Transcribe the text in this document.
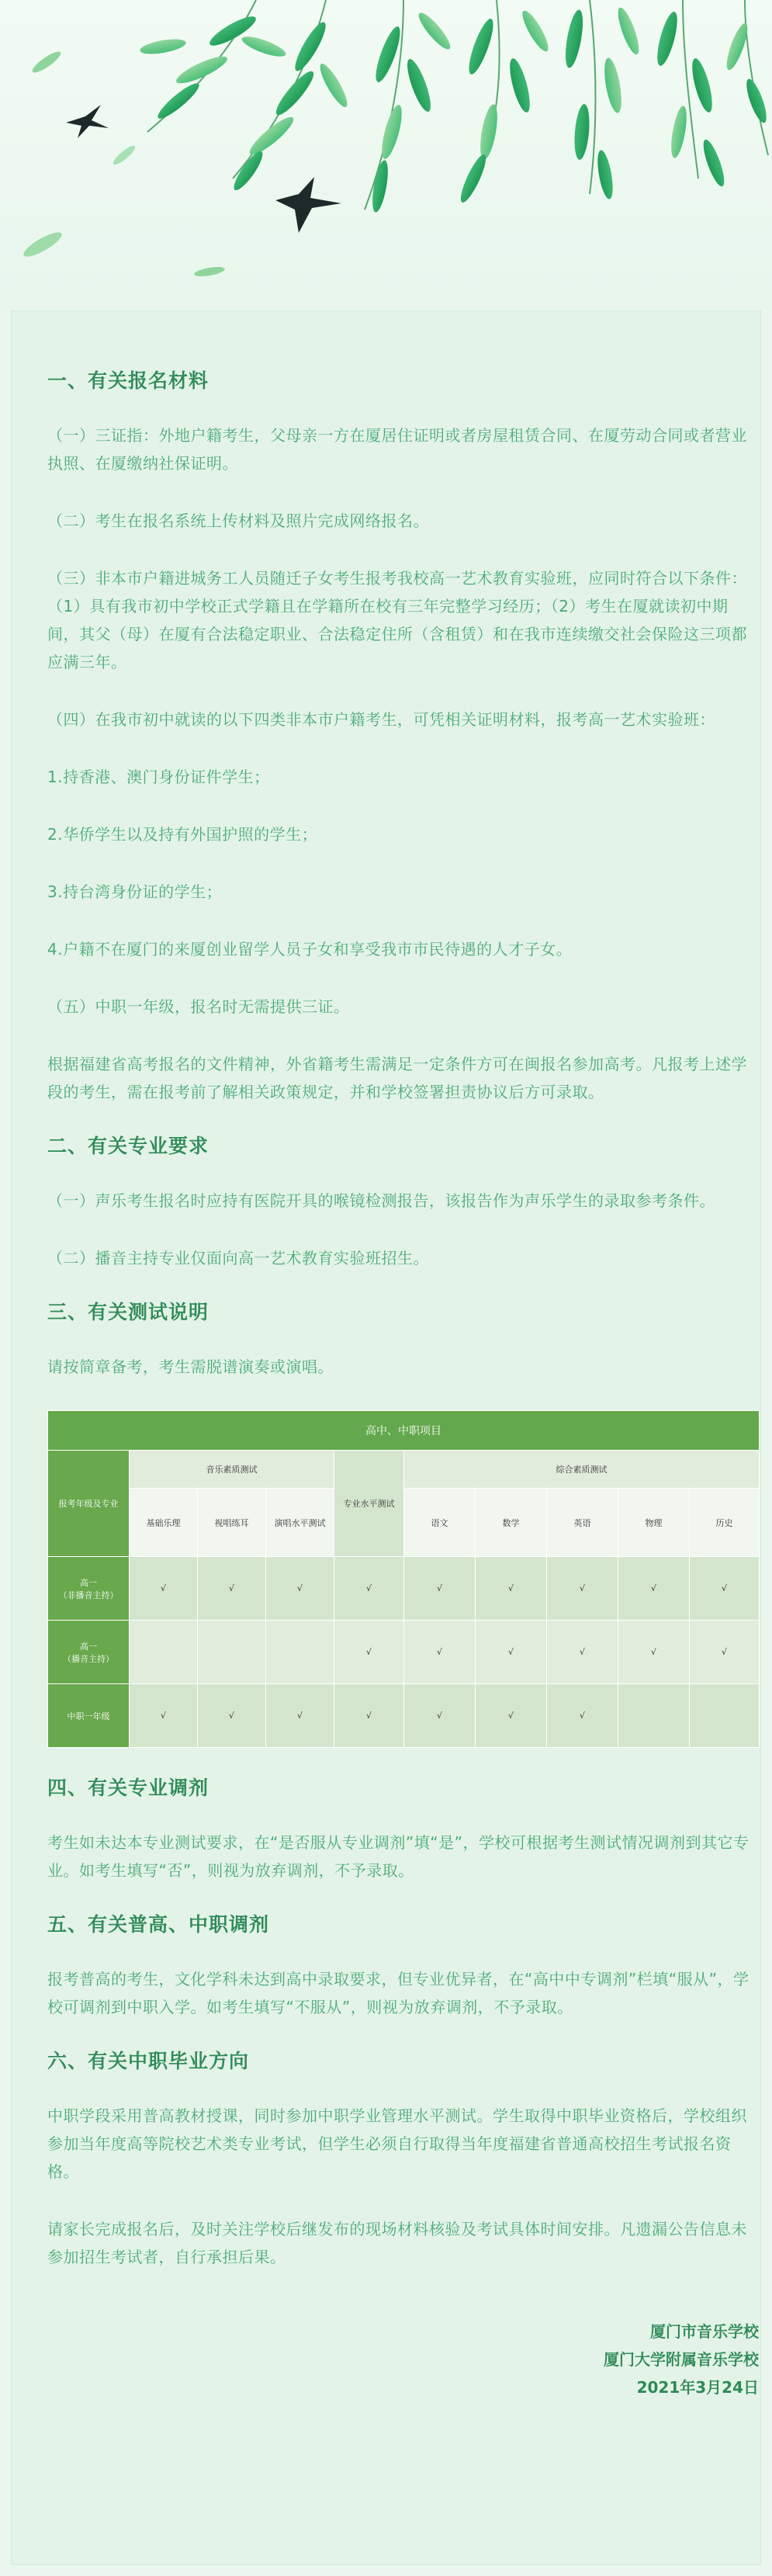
一、有关报名材料

（一）三证指：外地户籍考生，父母亲一方在厦居住证明或者房屋租赁合同、在厦劳动合同或者营业执照、在厦缴纳社保证明。

（二）考生在报名系统上传材料及照片完成网络报名。

（三）非本市户籍进城务工人员随迁子女考生报考我校高一艺术教育实验班，应同时符合以下条件：（1）具有我市初中学校正式学籍且在学籍所在校有三年完整学习经历；（2）考生在厦就读初中期间，其父（母）在厦有合法稳定职业、合法稳定住所（含租赁）和在我市连续缴交社会保险这三项都应满三年。

（四）在我市初中就读的以下四类非本市户籍考生，可凭相关证明材料，报考高一艺术实验班：

1.持香港、澳门身份证件学生；

2.华侨学生以及持有外国护照的学生；

3.持台湾身份证的学生；

4.户籍不在厦门的来厦创业留学人员子女和享受我市市民待遇的人才子女。

（五）中职一年级，报名时无需提供三证。

根据福建省高考报名的文件精神，外省籍考生需满足一定条件方可在闽报名参加高考。凡报考上述学段的考生，需在报考前了解相关政策规定，并和学校签署担责协议后方可录取。

二、有关专业要求

（一）声乐考生报名时应持有医院开具的喉镜检测报告，该报告作为声乐学生的录取参考条件。

（二）播音主持专业仅面向高一艺术教育实验班招生。

三、有关测试说明

请按简章备考，考生需脱谱演奏或演唱。

高中、中职项目									
报考年级及专业	音乐素质测试			专业水平测试	综合素质测试				
	基础乐理	视唱练耳	演唱水平测试		语文	数学	英语	物理	历史
高一
（非播音主持）	√	√	√	√	√	√	√	√	√
高一
（播音主持）				√	√	√	√	√	√
中职一年级	√	√	√	√	√	√	√		
四、有关专业调剂

考生如未达本专业测试要求，在“是否服从专业调剂”填“是”，学校可根据考生测试情况调剂到其它专业。如考生填写“否”，则视为放弃调剂，不予录取。

五、有关普高、中职调剂

报考普高的考生，文化学科未达到高中录取要求，但专业优异者，在“高中中专调剂”栏填“服从”，学校可调剂到中职入学。如考生填写“不服从”，则视为放弃调剂，不予录取。

六、有关中职毕业方向

中职学段采用普高教材授课，同时参加中职学业管理水平测试。学生取得中职毕业资格后，学校组织参加当年度高等院校艺术类专业考试，但学生必须自行取得当年度福建省普通高校招生考试报名资格。

请家长完成报名后，及时关注学校后继发布的现场材料核验及考试具体时间安排。凡遗漏公告信息未参加招生考试者，自行承担后果。

厦门市音乐学校
厦门大学附属音乐学校
2021年3月24日
